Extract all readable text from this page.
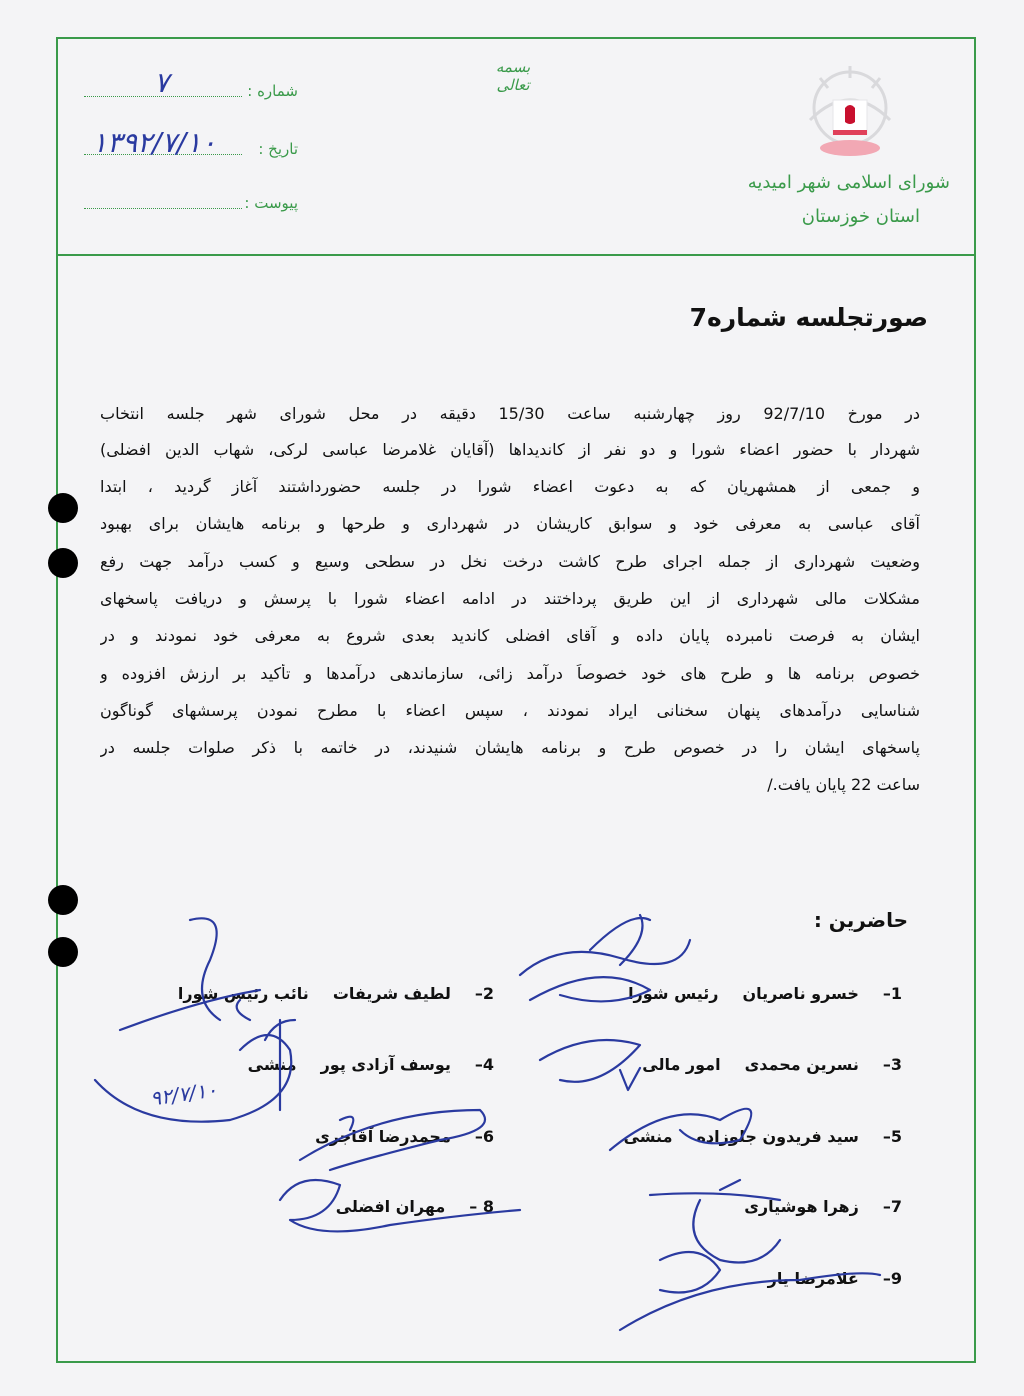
شماره :
۷
تاریخ :
۱۳۹۲/۷/۱۰
پیوست :
بسمه تعالی
شورای اسلامی شهر امیدیه
استان خوزستان
صورتجلسه شماره7
در مورخ 92/7/10 روز چهارشنبه ساعت 15/30 دقیقه در محل شورای شهر جلسه انتخاب
شهردار با حضور اعضاء شورا و دو نفر از کاندیداها (آقایان غلامرضا عباسی لرکی، شهاب الدین افضلی)
و جمعی از همشهریان که به دعوت اعضاء شورا در جلسه حضورداشتند آغاز گردید ، ابتدا
آقای عباسی به معرفی خود و سوابق کاریشان در شهرداری و طرحها و برنامه هایشان برای بهبود
وضعیت شهرداری از جمله اجرای طرح کاشت درخت نخل در سطحی وسیع و کسب درآمد جهت رفع
مشکلات مالی شهرداری از این طریق پرداختند در ادامه اعضاء شورا با پرسش و دریافت پاسخهای
ایشان به فرصت نامبرده پایان داده و آقای افضلی کاندید بعدی شروع به معرفی خود نمودند و در
خصوص برنامه ها و طرح های خود خصوصاً درآمد زائی، سازماندهی درآمدها و تأکید بر ارزش افزوده و
شناسایی درآمدهای پنهان سخنانی ایراد نمودند ، سپس اعضاء با مطرح نمودن پرسشهای گوناگون
پاسخهای ایشان را در خصوص طرح و برنامه هایشان شنیدند، در خاتمه با ذکر صلوات جلسه در
ساعت 22 پایان یافت./
حاضرین :
1–
خسرو ناصریان
رئیس شورا
3–
نسرین محمدی
امور مالی
5–
سید فریدون جلوزاده
منشی
7–
زهرا هوشیاری
9–
غلامرضا یار
2–
لطیف شریفات
نائب رئیس شورا
4–
یوسف آزادی پور
منشی
6–
محمدرضا آقاجری
8 –
مهران افضلی
۹۲/۷/۱۰
